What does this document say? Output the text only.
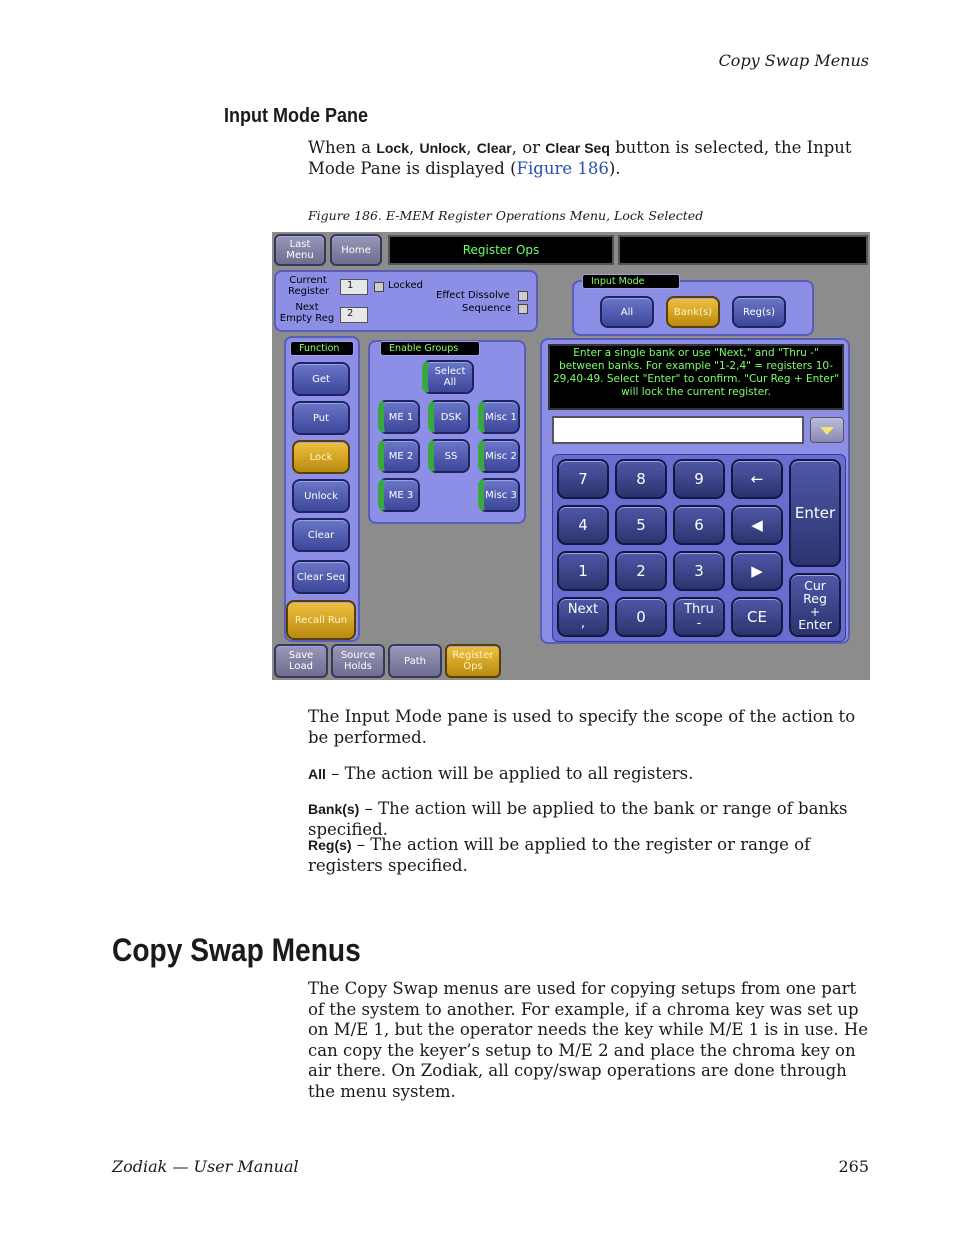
Copy Swap Menus
Input Mode Pane
When a Lock, Unlock, Clear, or Clear Seq button is selected, the Input Mode Pane is displayed (Figure 186).
Figure 186. E-MEM Register Operations Menu, Lock Selected
Last Menu	Home	Register Ops
Current Register
1	Locked
Next Empty Reg	2
Effect Dissolve
Sequence
Input Mode
All	Bank(s)	Reg(s)
Function
Get
Put
Lock
Unlock
Clear
Clear Seq
Recall Run
Enable Groups
Select All
ME 1	DSK	Misc 1
ME 2	SS	Misc 2
ME 3	Misc 3
Enter a single bank or use "Next," and "Thru -" between banks. For example "1-2,4" = registers 10-29,40-49. Select "Enter" to confirm. "Cur Reg + Enter" will lock the current register.
7	8	9	←
Enter
4	5	6	◀
1	2	3	▶
Next ,	0	Thru -	CE
Cur Reg + Enter
Save Load
Source Holds	Path	Register Ops
The Input Mode pane is used to specify the scope of the action to be performed.
All – The action will be applied to all registers.
Bank(s) – The action will be applied to the bank or range of banks specified.
Reg(s) – The action will be applied to the register or range of registers specified.
Copy Swap Menus
The Copy Swap menus are used for copying setups from one part of the system to another. For example, if a chroma key was set up on M/E 1, but the operator needs the key while M/E 1 is in use. He can copy the keyer’s setup to M/E 2 and place the chroma key on air there. On Zodiak, all copy/swap operations are done through the menu system.
Zodiak — User Manual	265
